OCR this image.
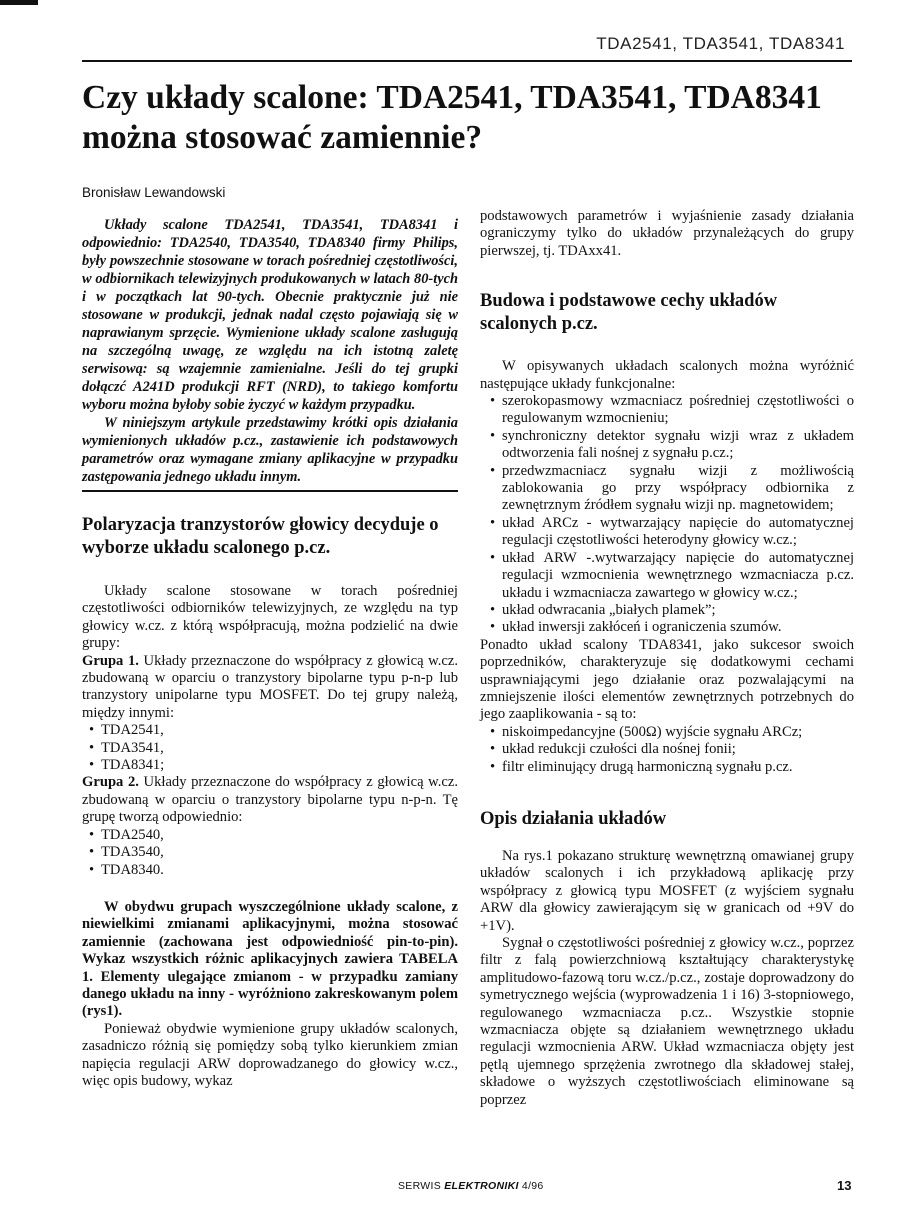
TDA2541, TDA3541, TDA8341
Czy układy scalone: TDA2541, TDA3541, TDA8341
można stosować zamiennie?
Bronisław Lewandowski

Układy scalone TDA2541, TDA3541, TDA8341 i odpowiednio: TDA2540, TDA3540, TDA8340 firmy Philips, były powszechnie stosowane w torach pośredniej częstotliwości, w odbiornikach telewizyjnych produkowanych w latach 80-tych i w początkach lat 90-tych. Obecnie praktycznie już nie stosowane w produkcji, jednak nadal często pojawiają się w naprawianym sprzęcie. Wymienione układy scalone zasługują na szczególną uwagę, ze względu na ich istotną zaletę serwisową: są wzajemnie zamienialne. Jeśli do tej grupki dołączć A241D produkcji RFT (NRD), to takiego komfortu wyboru można byłoby sobie życzyć w każdym przypadku.

W niniejszym artykule przedstawimy krótki opis działania wymienionych układów p.cz., zastawienie ich podstawowych parametrów oraz wymagane zmiany aplikacyjne w przypadku zastępowania jednego układu innym.

Polaryzacja tranzystorów głowicy decyduje o wyborze układu scalonego p.cz.

Układy scalone stosowane w torach pośredniej częstotliwości odbiorników telewizyjnych, ze względu na typ głowicy w.cz. z którą współpracują, można podzielić na dwie grupy:

Grupa 1. Układy przeznaczone do współpracy z głowicą w.cz. zbudowaną w oparciu o tranzystory bipolarne typu p-n-p lub tranzystory unipolarne typu MOSFET. Do tej grupy należą, między innymi:

• TDA2541,
• TDA3541,
• TDA8341;

Grupa 2. Układy przeznaczone do współpracy z głowicą w.cz. zbudowaną w oparciu o tranzystory bipolarne typu n-p-n. Tę grupę tworzą odpowiednio:

• TDA2540,
• TDA3540,
• TDA8340.

W obydwu grupach wyszczególnione układy scalone, z niewielkimi zmianami aplikacyjnymi, można stosować zamiennie (zachowana jest odpowiedniość pin-to-pin). Wykaz wszystkich różnic aplikacyjnych zawiera TABELA 1. Elementy ulegające zmianom - w przypadku zamiany danego układu na inny - wyróżniono zakreskowanym polem (rys1).

Ponieważ obydwie wymienione grupy układów scalonych, zasadniczo różnią się pomiędzy sobą tylko kierunkiem zmian napięcia regulacji ARW doprowadzanego do głowicy w.cz., więc opis budowy, wykaz

podstawowych parametrów i wyjaśnienie zasady działania ograniczymy tylko do układów przynależących do grupy pierwszej, tj. TDAxx41.

Budowa i podstawowe cechy układów scalonych p.cz.

W opisywanych układach scalonych można wyróżnić następujące układy funkcjonalne:

• szerokopasmowy wzmacniacz pośredniej częstotliwości o regulowanym wzmocnieniu;
• synchroniczny detektor sygnału wizji wraz z układem odtworzenia fali nośnej z sygnału p.cz.;
• przedwzmacniacz sygnału wizji z możliwością zablokowania go przy współpracy odbiornika z zewnętrznym źródłem sygnału wizji np. magnetowidem;
• układ ARCz - wytwarzający napięcie do automatycznej regulacji częstotliwości heterodyny głowicy w.cz.;
• układ ARW -.wytwarzający napięcie do automatycznej regulacji wzmocnienia wewnętrznego wzmacniacza p.cz. układu i wzmacniacza zawartego w głowicy w.cz.;
• układ odwracania „białych plamek”;
• układ inwersji zakłóceń i ograniczenia szumów.

Ponadto układ scalony TDA8341, jako sukcesor swoich poprzedników, charakteryzuje się dodatkowymi cechami usprawniającymi jego działanie oraz pozwalającymi na zmniejszenie ilości elementów zewnętrznych potrzebnych do jego zaaplikowania - są to:

• niskoimpedancyjne (500Ω) wyjście sygnału ARCz;
• układ redukcji czułości dla nośnej fonii;
• filtr eliminujący drugą harmoniczną sygnału p.cz.
Opis działania układów

Na rys.1 pokazano strukturę wewnętrzną omawianej grupy układów scalonych i ich przykładową aplikację przy współpracy z głowicą typu MOSFET (z wyjściem sygnału ARW dla głowicy zawierającym się w granicach od +9V do +1V).

Sygnał o częstotliwości pośredniej z głowicy w.cz., poprzez filtr z falą powierzchniową kształtujący charakterystykę amplitudowo-fazową toru w.cz./p.cz., zostaje doprowadzony do symetrycznego wejścia (wyprowadzenia 1 i 16) 3-stopniowego, regulowanego wzmacniacza p.cz.. Wszystkie stopnie wzmacniacza objęte są działaniem wewnętrznego układu regulacji wzmocnienia ARW. Układ wzmacniacza objęty jest pętlą ujemnego sprzężenia zwrotnego dla składowej stałej, składowe o wyższych częstotliwościach eliminowane są poprzez

SERWIS ELEKTRONIKI 4/96	13
